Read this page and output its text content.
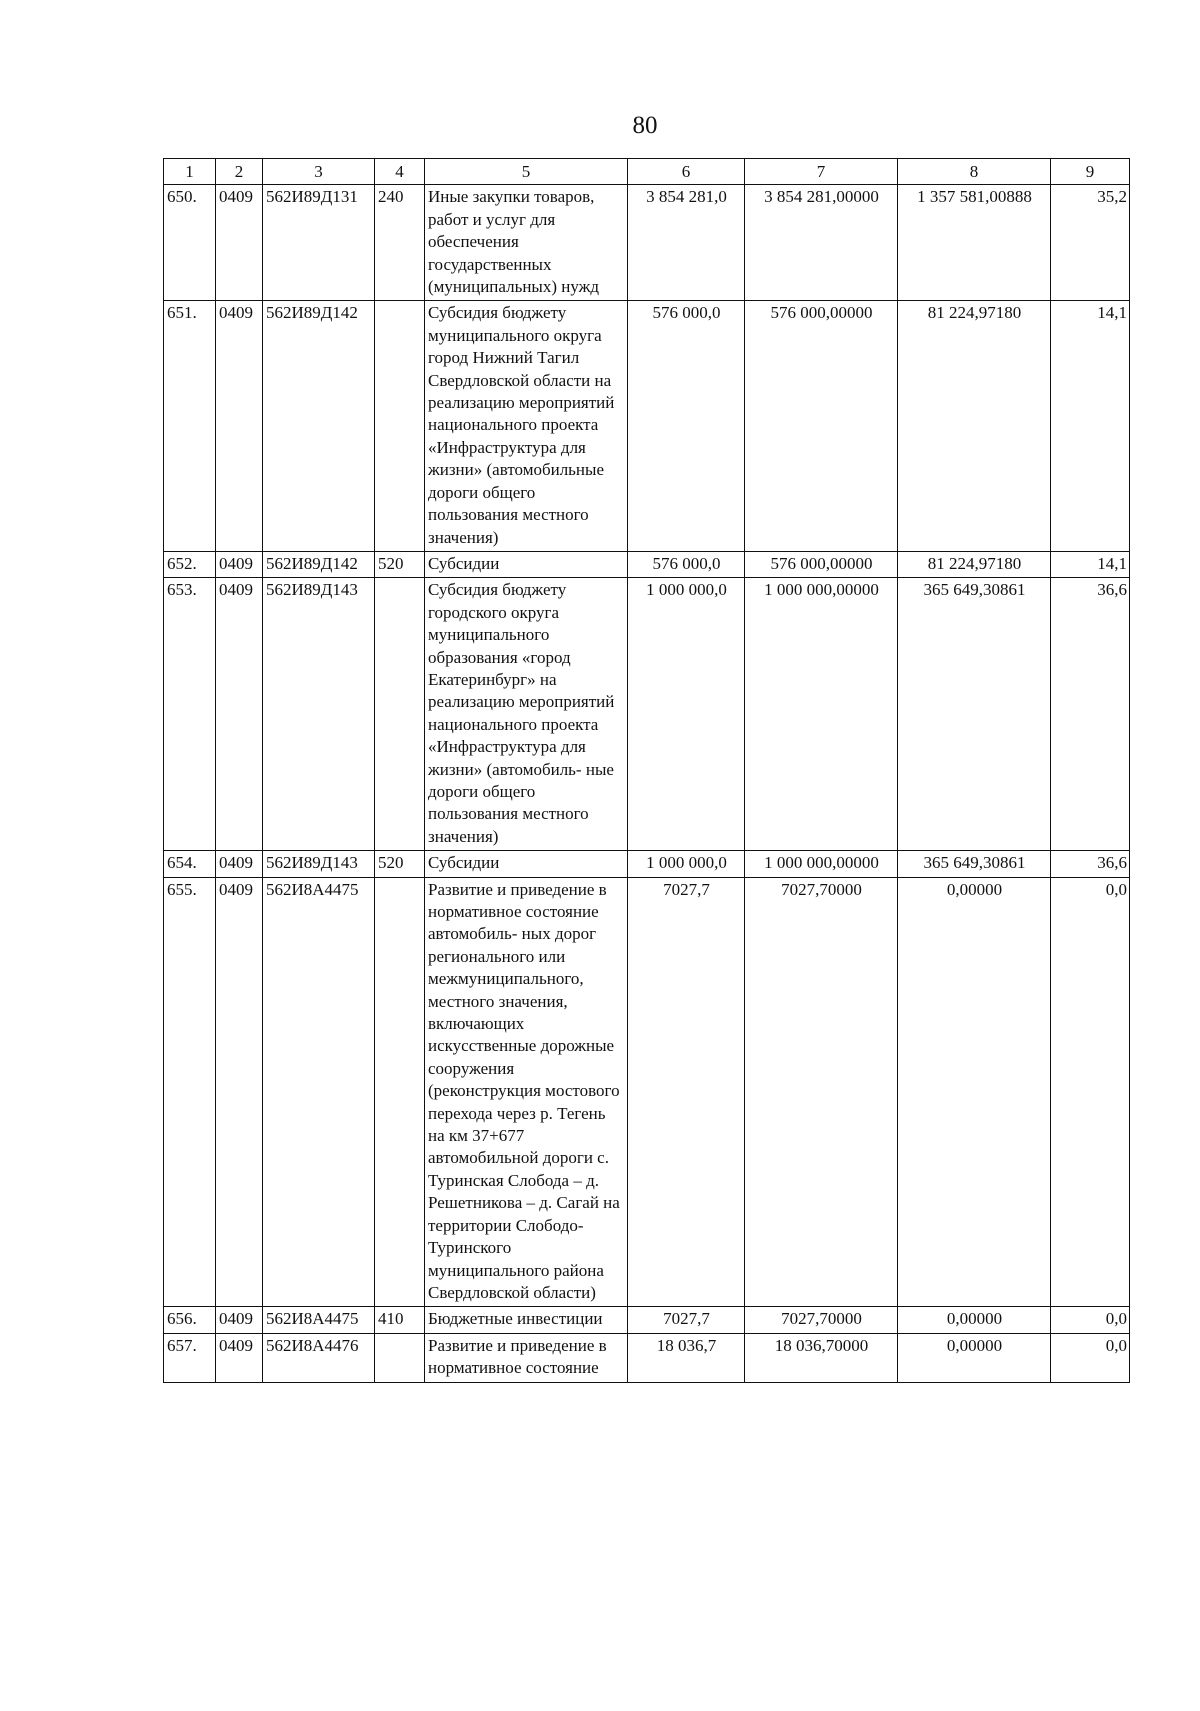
80
1	2	3	4	5	6	7	8	9
650.	0409	562И89Д131	240	Иные закупки товаров, работ и услуг для обеспечения государственных (муниципальных) нужд	3 854 281,0	3 854 281,00000	1 357 581,00888	35,2
651.	0409	562И89Д142		Субсидия бюджету муниципального округа город Нижний Тагил Свердловской области на реализацию мероприятий национального проекта «Инфраструктура для жизни» (автомобильные дороги общего пользования местного значения)	576 000,0	576 000,00000	81 224,97180	14,1
652.	0409	562И89Д142	520	Субсидии	576 000,0	576 000,00000	81 224,97180	14,1
653.	0409	562И89Д143		Субсидия бюджету городского округа муниципального образования «город Екатеринбург» на реализацию мероприятий национального проекта «Инфраструктура для жизни» (автомобиль- ные дороги общего пользования местного значения)	1 000 000,0	1 000 000,00000	365 649,30861	36,6
654.	0409	562И89Д143	520	Субсидии	1 000 000,0	1 000 000,00000	365 649,30861	36,6
655.	0409	562И8А4475		Развитие и приведение в нормативное состояние автомобиль- ных дорог регионального или межмуниципального, местного значения, включающих искусственные дорожные сооружения (реконструкция мостового перехода через р. Тегень на км 37+677 автомобильной дороги с. Туринская Слобода – д. Решетникова – д. Сагай на территории Слободо-Туринского муниципального района Свердловской области)	7027,7	7027,70000	0,00000	0,0
656.	0409	562И8А4475	410	Бюджетные инвестиции	7027,7	7027,70000	0,00000	0,0
657.	0409	562И8А4476		Развитие и приведение в нормативное состояние	18 036,7	18 036,70000	0,00000	0,0
